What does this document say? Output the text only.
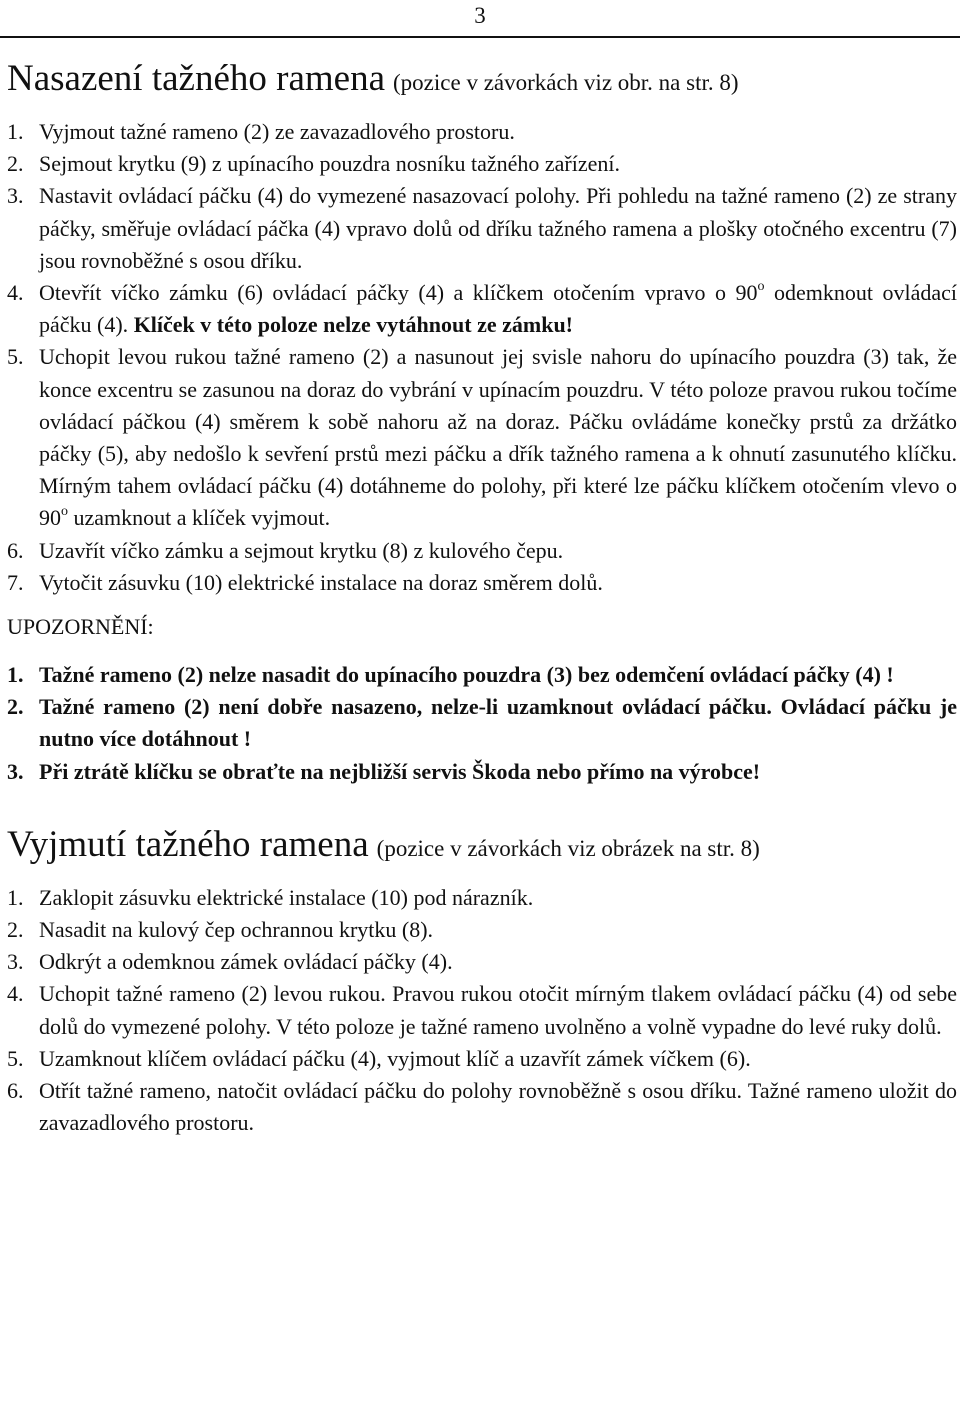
3
Nasazení tažného ramena (pozice v závorkách viz obr. na str. 8)
1. Vyjmout tažné rameno (2) ze zavazadlového prostoru.
2. Sejmout krytku (9) z upínacího pouzdra nosníku tažného zařízení.
3. Nastavit ovládací páčku (4) do vymezené nasazovací polohy. Při pohledu na tažné rameno (2) ze strany páčky, směřuje ovládací páčka (4) vpravo dolů od dříku tažného ramena a plošky otočného excentru (7) jsou rovnoběžné s osou dříku.
4. Otevřít víčko zámku (6) ovládací páčky (4) a klíčkem otočením vpravo o 90$^o$ odemknout ovládací páčku (4). Klíček v této poloze nelze vytáhnout ze zámku!
5. Uchopit levou rukou tažné rameno (2) a nasunout jej svisle nahoru do upínacího pouzdra (3) tak, že konce excentru se zasunou na doraz do vybrání v upínacím pouzdru. V této poloze pravou rukou točíme ovládací páčkou (4) směrem k sobě nahoru až na doraz. Páčku ovládáme konečky prstů za držátko páčky (5), aby nedošlo k sevření prstů mezi páčku a dřík tažného ramena a k ohnutí zasunutého klíčku. Mírným tahem ovládací páčku (4) dotáhneme do polohy, při které lze páčku klíčkem otočením vlevo o 90$^o$ uzamknout a klíček vyjmout.
6. Uzavřít víčko zámku a sejmout krytku (8) z kulového čepu.
7. Vytočit zásuvku (10) elektrické instalace na doraz směrem dolů.
UPOZORNĚNÍ:
1. Tažné rameno (2) nelze nasadit do upínacího pouzdra (3) bez odemčení ovládací páčky (4) !
2. Tažné rameno (2) není dobře nasazeno, nelze-li uzamknout ovládací páčku. Ovládací páčku je nutno více dotáhnout !
3. Při ztrátě klíčku se obraťte na nejbližší servis Škoda nebo přímo na výrobce!
Vyjmutí tažného ramena (pozice v závorkách viz obrázek na str. 8)
1. Zaklopit zásuvku elektrické instalace (10) pod nárazník.
2. Nasadit na kulový čep ochrannou krytku (8).
3. Odkrýt a odemknou zámek ovládací páčky (4).
4. Uchopit tažné rameno (2) levou rukou. Pravou rukou otočit mírným tlakem ovládací páčku (4) od sebe dolů do vymezené polohy. V této poloze je tažné rameno uvolněno a volně vypadne do levé ruky dolů.
5. Uzamknout klíčem ovládací páčku (4), vyjmout klíč a uzavřít zámek víčkem (6).
6. Otřít tažné rameno, natočit ovládací páčku do polohy rovnoběžně s osou dříku. Tažné rameno uložit do zavazadlového prostoru.
